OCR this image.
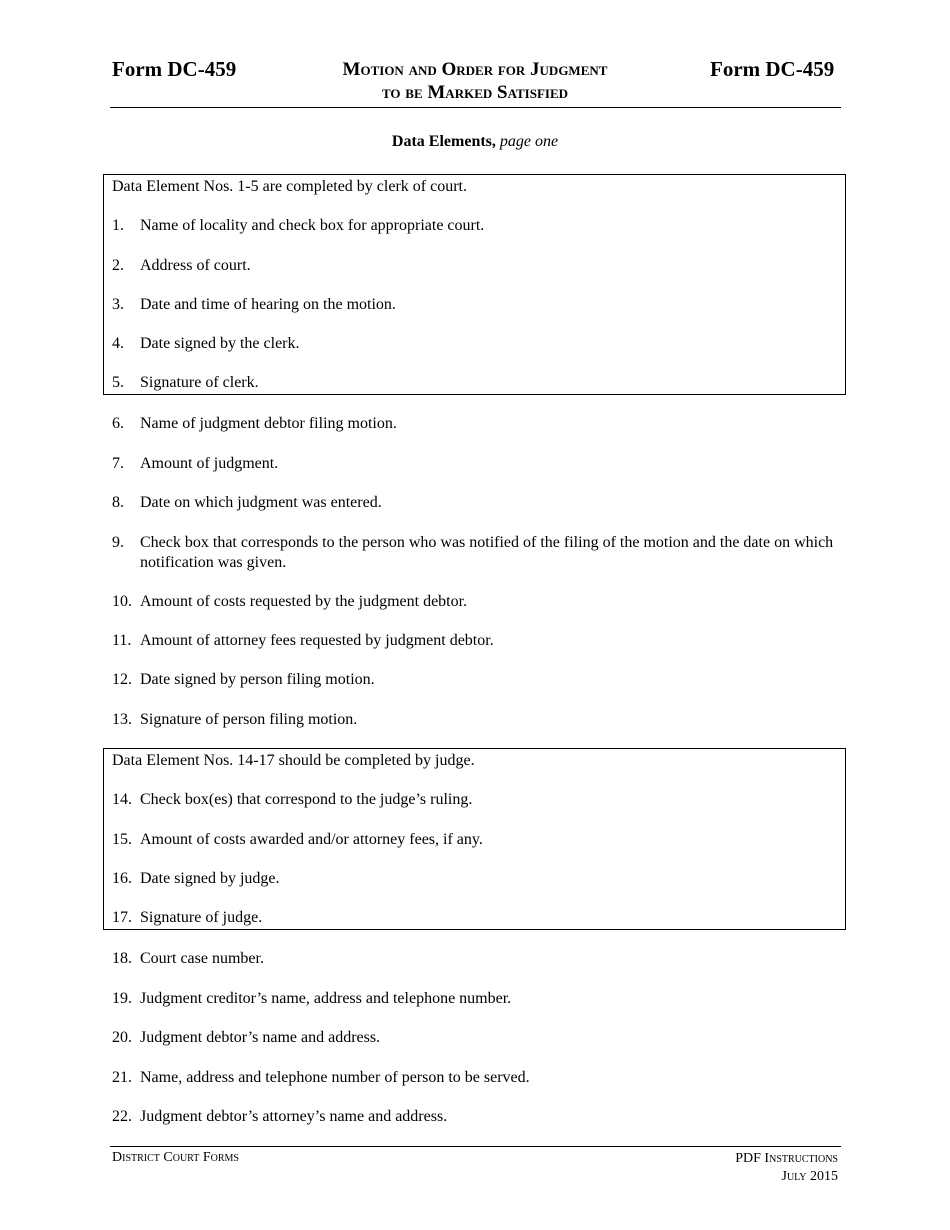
Form DC-459	Motion and Order for Judgment
to be Marked Satisfied
Form DC-459
Data Elements, page one
Data Element Nos. 1-5 are completed by clerk of court.
1. Name of locality and check box for appropriate court.
2. Address of court.
3. Date and time of hearing on the motion.
4. Date signed by the clerk.
5. Signature of clerk.
6. Name of judgment debtor filing motion.
7. Amount of judgment.
8. Date on which judgment was entered.
9. Check box that corresponds to the person who was notified of the filing of the motion and the date on which notification was given.
10. Amount of costs requested by the judgment debtor.
11. Amount of attorney fees requested by judgment debtor.
12. Date signed by person filing motion.
13. Signature of person filing motion.
Data Element Nos. 14-17 should be completed by judge.
14. Check box(es) that correspond to the judge’s ruling.
15. Amount of costs awarded and/or attorney fees, if any.
16. Date signed by judge.
17. Signature of judge.
18. Court case number.
19. Judgment creditor’s name, address and telephone number.
20. Judgment debtor’s name and address.
21. Name, address and telephone number of person to be served.
22. Judgment debtor’s attorney’s name and address.
District Court Forms	PDF Instructions
July 2015
